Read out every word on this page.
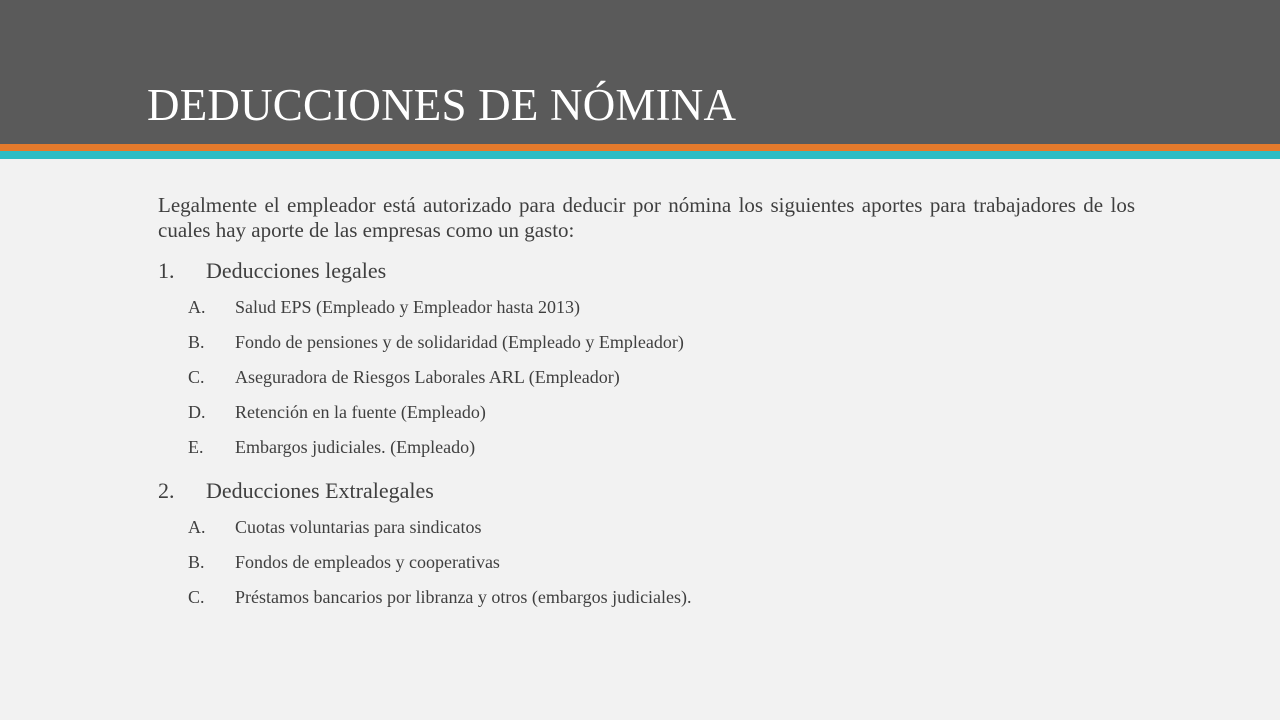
DEDUCCIONES DE NÓMINA

Legalmente el empleador está autorizado para deducir por nómina los siguientes aportes para trabajadores de los cuales hay aporte de las empresas como un gasto:

1.	Deducciones legales
A.	Salud EPS (Empleado y Empleador hasta 2013)
B.	Fondo de pensiones y de solidaridad (Empleado y Empleador)
C.	Aseguradora de Riesgos Laborales ARL (Empleador)
D.	Retención en la fuente (Empleado)
E.	Embargos judiciales. (Empleado)
2.	Deducciones Extralegales
A.	Cuotas voluntarias para sindicatos
B.	Fondos de empleados y cooperativas
C.	Préstamos bancarios por libranza y otros (embargos judiciales).
